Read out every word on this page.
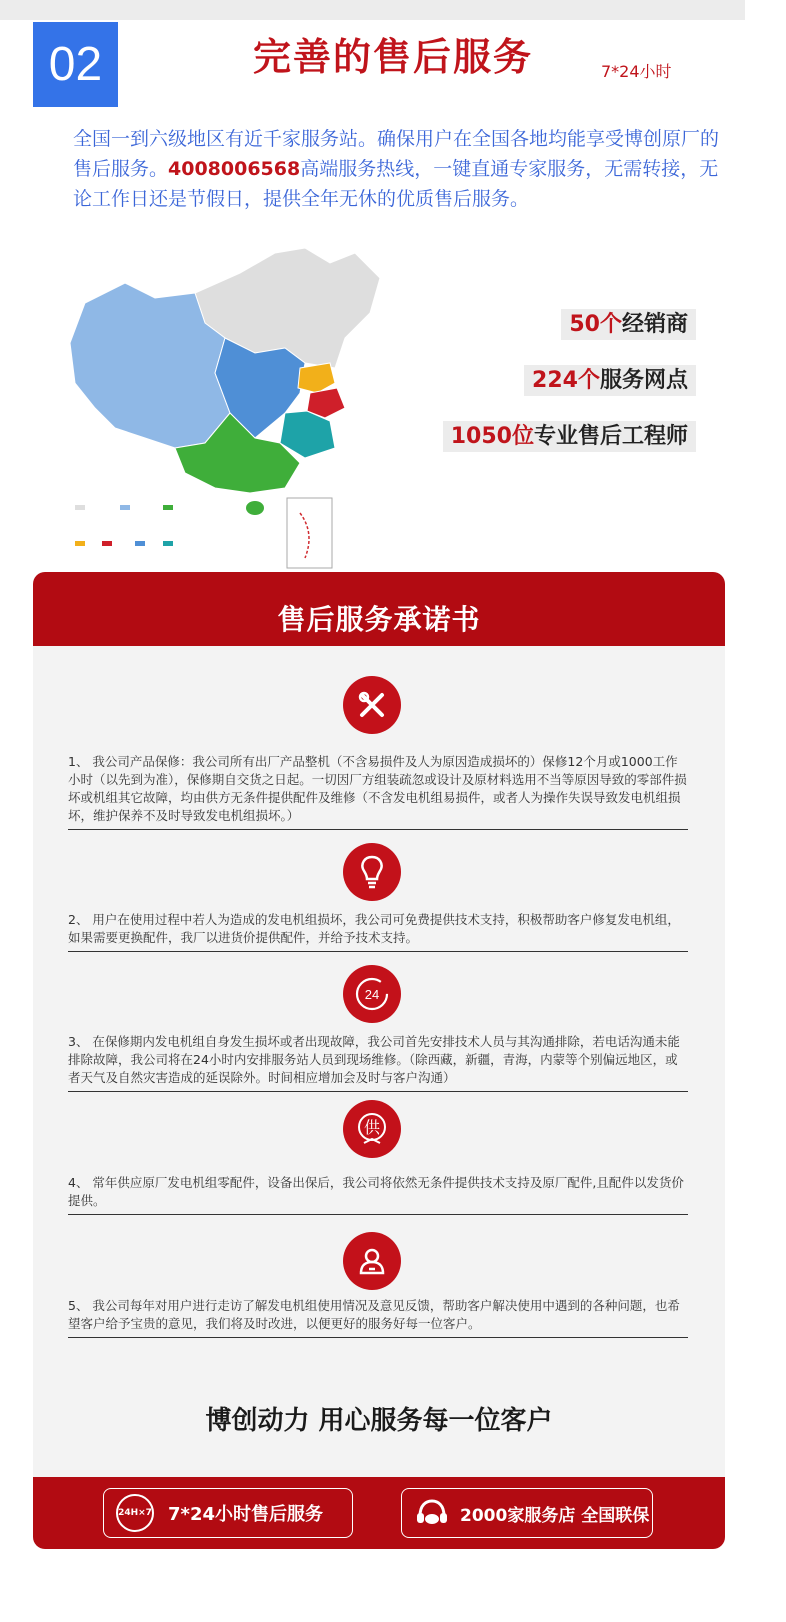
02	完善的售后服务	7*24小时
全国一到六级地区有近千家服务站。确保用户在全国各地均能享受博创原厂的售后服务。4008006568高端服务热线，一键直通专家服务，无需转接，无论工作日还是节假日，提供全年无休的优质售后服务。
50个经销商
224个服务网点
1050位专业售后工程师
售后服务承诺书
1、 我公司产品保修：我公司所有出厂产品整机（不含易损件及人为原因造成损坏的）保修12个月或1000工作小时（以先到为准），保修期自交货之日起。一切因厂方组装疏忽或设计及原材料选用不当等原因导致的零部件损坏或机组其它故障，均由供方无条件提供配件及维修（不含发电机组易损件，或者人为操作失误导致发电机组损坏，维护保养不及时导致发电机组损坏。）
2、 用户在使用过程中若人为造成的发电机组损坏，我公司可免费提供技术支持，积极帮助客户修复发电机组，如果需要更换配件，我厂以进货价提供配件，并给予技术支持。
24
3、 在保修期内发电机组自身发生损坏或者出现故障，我公司首先安排技术人员与其沟通排除，若电话沟通未能排除故障，我公司将在24小时内安排服务站人员到现场维修。（除西藏，新疆，青海，内蒙等个别偏远地区，或者天气及自然灾害造成的延误除外。时间相应增加会及时与客户沟通）
供
4、 常年供应原厂发电机组零配件，设备出保后，我公司将依然无条件提供技术支持及原厂配件,且配件以发货价提供。
5、 我公司每年对用户进行走访了解发电机组使用情况及意见反馈，帮助客户解决使用中遇到的各种问题，也希望客户给予宝贵的意见，我们将及时改进，以便更好的服务好每一位客户。
博创动力 用心服务每一位客户
24H×7 7*24小时售后服务	2000家服务店 全国联保
